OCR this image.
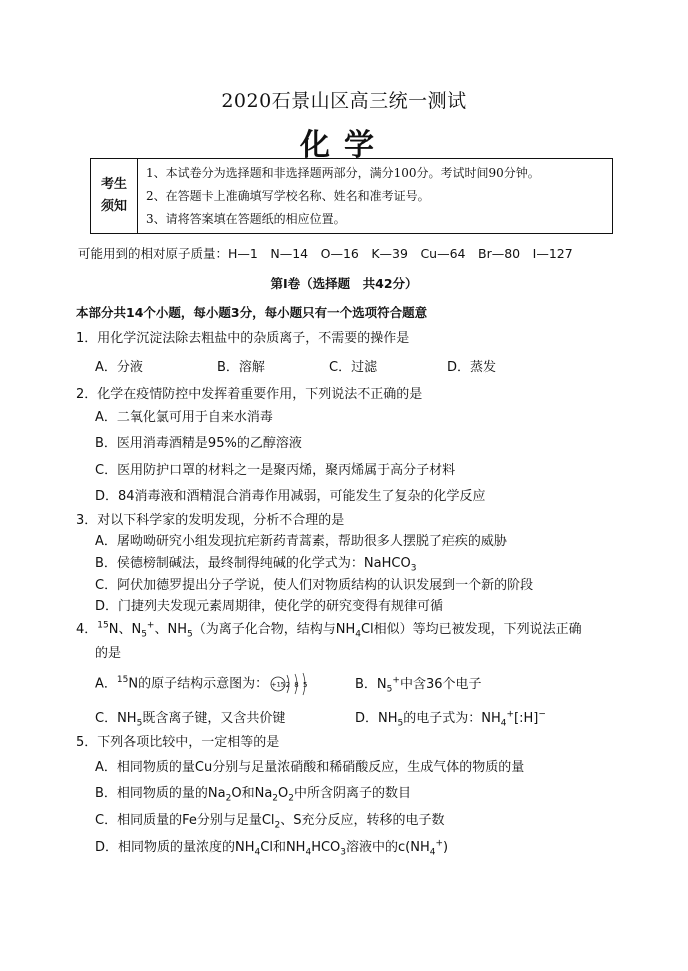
2020石景山区高三统一测试
化学
考生
须知
1、本试卷分为选择题和非选择题两部分，满分100分。考试时间90分钟。
2、在答题卡上准确填写学校名称、姓名和准考证号。
3、请将答案填在答题纸的相应位置。
可能用到的相对原子质量：H—1　N—14　O—16　K—39　Cu—64　Br—80　I—127
第Ⅰ卷（选择题　共42分）
本部分共14个小题，每小题3分，每小题只有一个选项符合题意
1．用化学沉淀法除去粗盐中的杂质离子，不需要的操作是
A．分液	B．溶解	C．过滤	D．蒸发
2．化学在疫情防控中发挥着重要作用，下列说法不正确的是
A．二氧化氯可用于自来水消毒
B．医用消毒酒精是95%的乙醇溶液
C．医用防护口罩的材料之一是聚丙烯，聚丙烯属于高分子材料
D．84消毒液和酒精混合消毒作用减弱，可能发生了复杂的化学反应
3．对以下科学家的发明发现，分析不合理的是
A．屠呦呦研究小组发现抗疟新药青蒿素，帮助很多人摆脱了疟疾的威胁
B．侯德榜制碱法，最终制得纯碱的化学式为：NaHCO$_3$
C．阿伏加德罗提出分子学说，使人们对物质结构的认识发展到一个新的阶段
D．门捷列夫发现元素周期律，使化学的研究变得有规律可循
4．$^{15}$N、$N_5^+$、$NH_5$（为离子化合物，结构与$NH_4Cl$相似）等均已被发现，下列说法正确
的是
A．$^{15}$N的原子结构示意图为： +15 2 8 5	B．$N_5^+$中含36个电子
C．$NH_5$既含离子键，又含共价键	D．$NH_5$的电子式为：$NH_4^+[:H]^-$
5．下列各项比较中，一定相等的是
A．相同物质的量Cu分别与足量浓硝酸和稀硝酸反应，生成气体的物质的量
B．相同物质的量的$Na_2O$和$Na_2O_2$中所含阴离子的数目
C．相同质量的Fe分别与足量$Cl_2$、S充分反应，转移的电子数
D．相同物质的量浓度的$NH_4Cl$和$NH_4HCO_3$溶液中的$c(NH_4^+)$
